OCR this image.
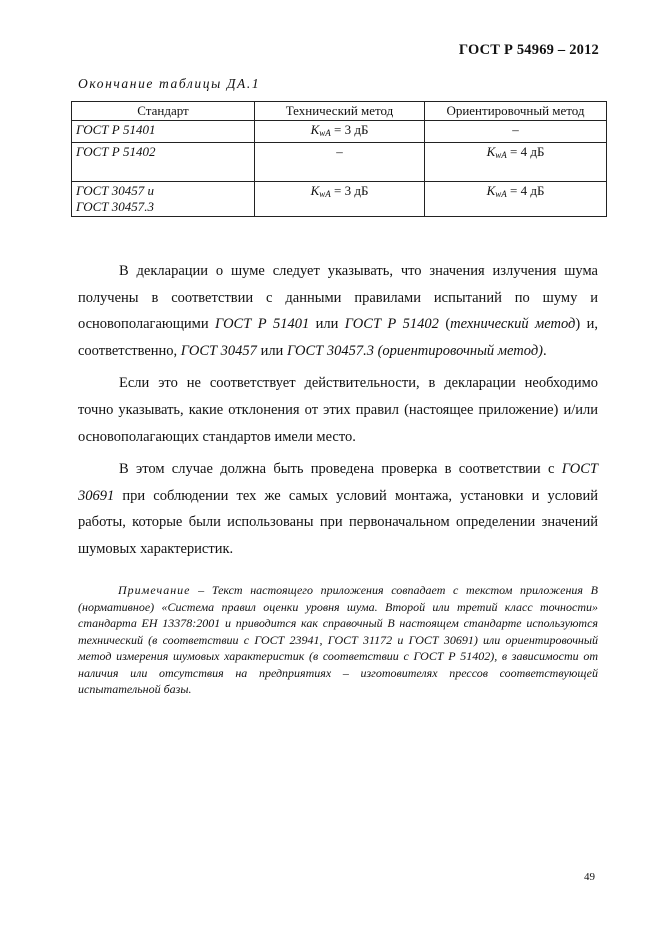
ГОСТ Р 54969 – 2012
Окончание таблицы ДА.1
Стандарт	Технический метод	Ориентировочный метод
ГОСТ Р 51401	$K_{wA} = 3$ дБ	–
ГОСТ Р 51402	–	$K_{wA} = 4$ дБ
ГОСТ 30457 и
ГОСТ 30457.3	$K_{wA} = 3$ дБ	$K_{wA} = 4$ дБ

В декларации о шуме следует указывать, что значения излучения шума получены в соответствии с данными правилами испытаний по шуму и основополагающими ГОСТ Р 51401 или ГОСТ Р 51402 (технический метод) и, соответственно, ГОСТ 30457 или ГОСТ 30457.3 (ориентировочный метод).

Если это не соответствует действительности, в декларации необходимо точно указывать, какие отклонения от этих правил (настоящее приложение) и/или основополагающих стандартов имели место.

В этом случае должна быть проведена проверка в соответствии с ГОСТ 30691 при соблюдении тех же самых условий монтажа, установки и условий работы, которые были использованы при первоначальном определении значений шумовых характеристик.

Примечание – Текст настоящего приложения совпадает с текстом приложения В (нормативное) «Система правил оценки уровня шума. Второй или третий класс точности» стандарта ЕН 13378:2001 и приводится как справочный В настоящем стандарте используются технический (в соответствии с ГОСТ 23941, ГОСТ 31172 и ГОСТ 30691) или ориентировочный метод измерения шумовых характеристик (в соответствии с ГОСТ Р 51402), в зависимости от наличия или отсутствия на предприятиях – изготовителях прессов соответствующей испытательной базы.
49
